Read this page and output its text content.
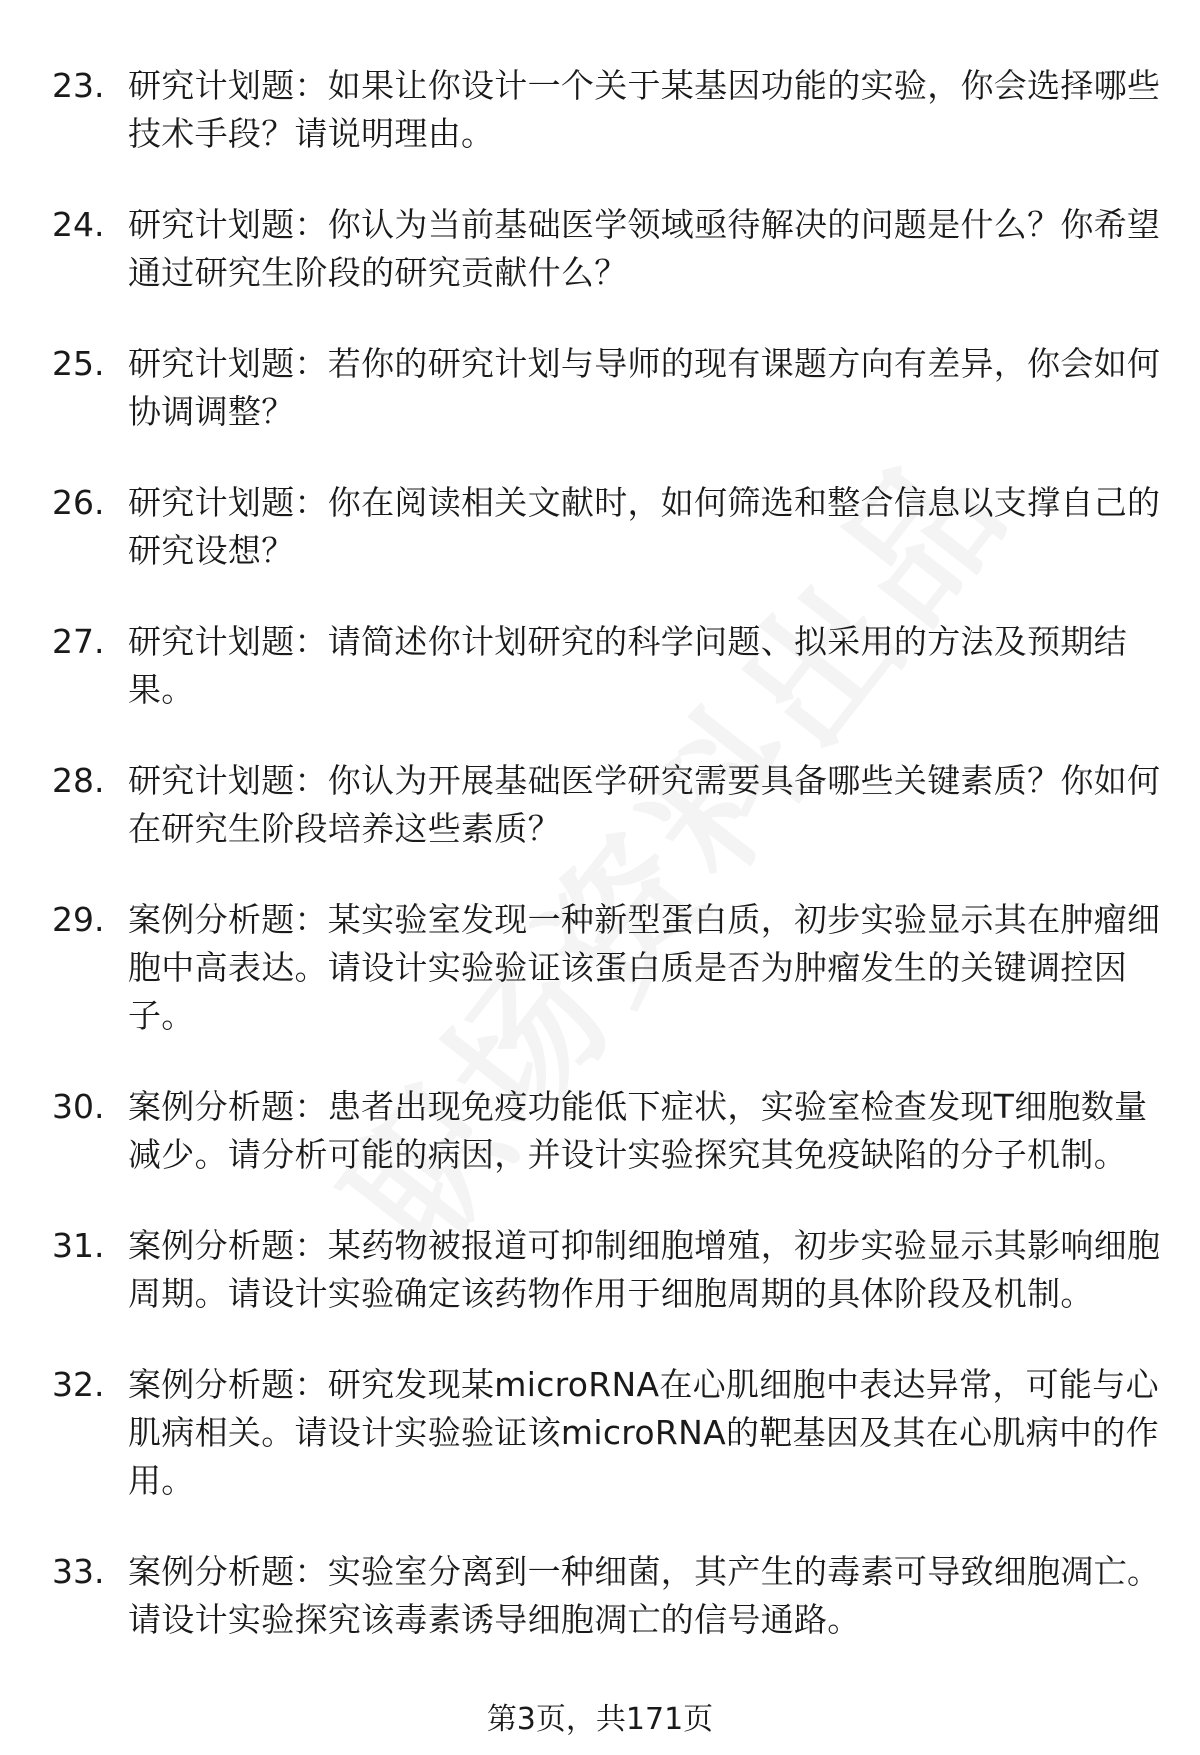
23. 研究计划题：如果让你设计一个关于某基因功能的实验，你会选择哪些技术手段？请说明理由。
24. 研究计划题：你认为当前基础医学领域亟待解决的问题是什么？你希望通过研究生阶段的研究贡献什么？
25. 研究计划题：若你的研究计划与导师的现有课题方向有差异，你会如何协调调整？
26. 研究计划题：你在阅读相关文献时，如何筛选和整合信息以支撑自己的研究设想？
27. 研究计划题：请简述你计划研究的科学问题、拟采用的方法及预期结果。
28. 研究计划题：你认为开展基础医学研究需要具备哪些关键素质？你如何在研究生阶段培养这些素质？
29. 案例分析题：某实验室发现一种新型蛋白质，初步实验显示其在肿瘤细胞中高表达。请设计实验验证该蛋白质是否为肿瘤发生的关键调控因子。
30. 案例分析题：患者出现免疫功能低下症状，实验室检查发现T细胞数量减少。请分析可能的病因，并设计实验探究其免疫缺陷的分子机制。
31. 案例分析题：某药物被报道可抑制细胞增殖，初步实验显示其影响细胞周期。请设计实验确定该药物作用于细胞周期的具体阶段及机制。
32. 案例分析题：研究发现某microRNA在心肌细胞中表达异常，可能与心肌病相关。请设计实验验证该microRNA的靶基因及其在心肌病中的作用。
33. 案例分析题：实验室分离到一种细菌，其产生的毒素可导致细胞凋亡。请设计实验探究该毒素诱导细胞凋亡的信号通路。
第3页，共171页
